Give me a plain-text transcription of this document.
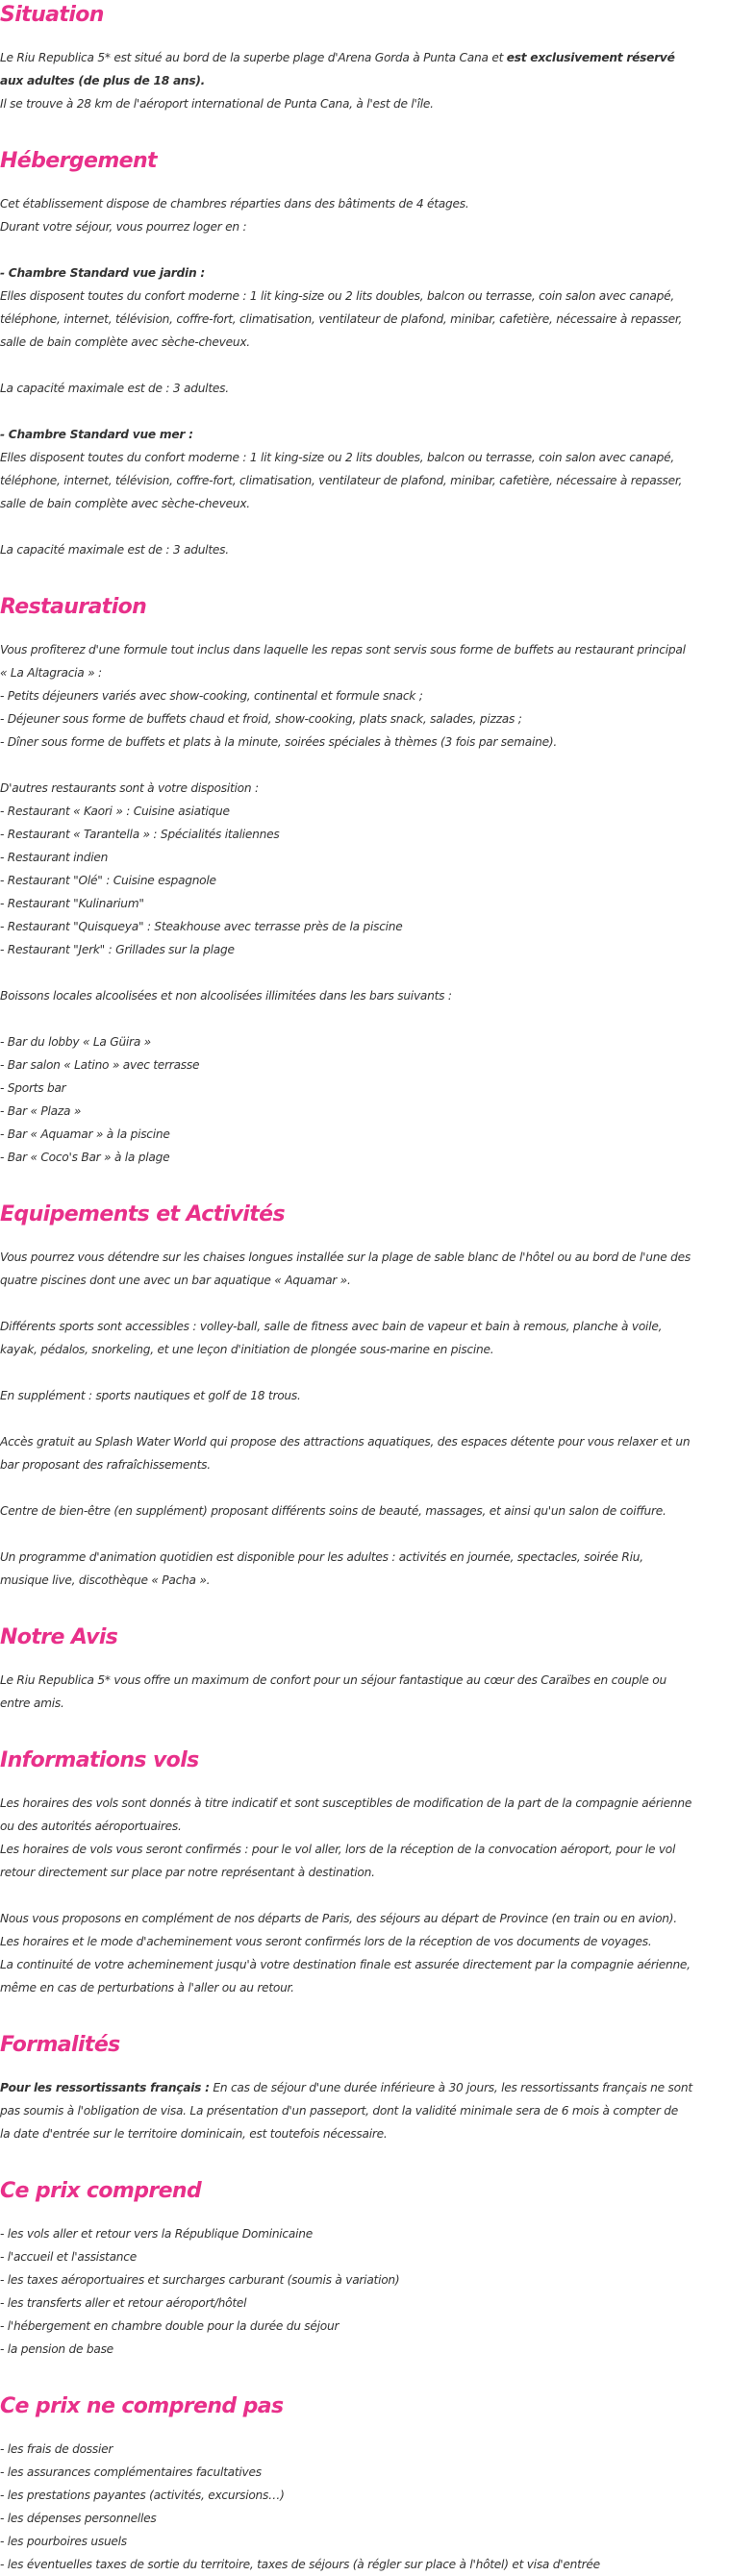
Situation
Le Riu Republica 5* est situé au bord de la superbe plage d'Arena Gorda à Punta Cana et est exclusivement réservé
aux adultes (de plus de 18 ans).
Il se trouve à 28 km de l'aéroport international de Punta Cana, à l'est de l'île.
Hébergement
Cet établissement dispose de chambres réparties dans des bâtiments de 4 étages.
Durant votre séjour, vous pourrez loger en :
- Chambre Standard vue jardin :
Elles disposent toutes du confort moderne : 1 lit king-size ou 2 lits doubles, balcon ou terrasse, coin salon avec canapé,
téléphone, internet, télévision, coffre-fort, climatisation, ventilateur de plafond, minibar, cafetière, nécessaire à repasser,
salle de bain complète avec sèche-cheveux.
La capacité maximale est de : 3 adultes.
- Chambre Standard vue mer :
Elles disposent toutes du confort moderne : 1 lit king-size ou 2 lits doubles, balcon ou terrasse, coin salon avec canapé,
téléphone, internet, télévision, coffre-fort, climatisation, ventilateur de plafond, minibar, cafetière, nécessaire à repasser,
salle de bain complète avec sèche-cheveux.
La capacité maximale est de : 3 adultes.
Restauration
Vous profiterez d'une formule tout inclus dans laquelle les repas sont servis sous forme de buffets au restaurant principal
« La Altagracia » :
- Petits déjeuners variés avec show-cooking, continental et formule snack ;
- Déjeuner sous forme de buffets chaud et froid, show-cooking, plats snack, salades, pizzas ;
- Dîner sous forme de buffets et plats à la minute, soirées spéciales à thèmes (3 fois par semaine).
D'autres restaurants sont à votre disposition :
- Restaurant « Kaori » : Cuisine asiatique
- Restaurant « Tarantella » : Spécialités italiennes
- Restaurant indien
- Restaurant "Olé" : Cuisine espagnole
- Restaurant "Kulinarium"
- Restaurant "Quisqueya" : Steakhouse avec terrasse près de la piscine
- Restaurant "Jerk" : Grillades sur la plage
Boissons locales alcoolisées et non alcoolisées illimitées dans les bars suivants :
- Bar du lobby « La Güira »
- Bar salon « Latino » avec terrasse
- Sports bar
- Bar « Plaza »
- Bar « Aquamar » à la piscine
- Bar « Coco's Bar » à la plage
Equipements et Activités
Vous pourrez vous détendre sur les chaises longues installée sur la plage de sable blanc de l'hôtel ou au bord de l'une des
quatre piscines dont une avec un bar aquatique « Aquamar ».
Différents sports sont accessibles : volley-ball, salle de fitness avec bain de vapeur et bain à remous, planche à voile,
kayak, pédalos, snorkeling, et une leçon d'initiation de plongée sous-marine en piscine.
En supplément : sports nautiques et golf de 18 trous.
Accès gratuit au Splash Water World qui propose des attractions aquatiques, des espaces détente pour vous relaxer et un
bar proposant des rafraîchissements.
Centre de bien-être (en supplément) proposant différents soins de beauté, massages, et ainsi qu'un salon de coiffure.
Un programme d'animation quotidien est disponible pour les adultes : activités en journée, spectacles, soirée Riu,
musique live, discothèque « Pacha ».
Notre Avis
Le Riu Republica 5* vous offre un maximum de confort pour un séjour fantastique au cœur des Caraïbes en couple ou
entre amis.
Informations vols
Les horaires des vols sont donnés à titre indicatif et sont susceptibles de modification de la part de la compagnie aérienne
ou des autorités aéroportuaires.
Les horaires de vols vous seront confirmés : pour le vol aller, lors de la réception de la convocation aéroport, pour le vol
retour directement sur place par notre représentant à destination.
Nous vous proposons en complément de nos départs de Paris, des séjours au départ de Province (en train ou en avion).
Les horaires et le mode d'acheminement vous seront confirmés lors de la réception de vos documents de voyages.
La continuité de votre acheminement jusqu'à votre destination finale est assurée directement par la compagnie aérienne,
même en cas de perturbations à l'aller ou au retour.
Formalités
Pour les ressortissants français : En cas de séjour d'une durée inférieure à 30 jours, les ressortissants français ne sont
pas soumis à l'obligation de visa. La présentation d'un passeport, dont la validité minimale sera de 6 mois à compter de
la date d'entrée sur le territoire dominicain, est toutefois nécessaire.
Ce prix comprend
- les vols aller et retour vers la République Dominicaine
- l'accueil et l'assistance
- les taxes aéroportuaires et surcharges carburant (soumis à variation)
- les transferts aller et retour aéroport/hôtel
- l'hébergement en chambre double pour la durée du séjour
- la pension de base
Ce prix ne comprend pas
- les frais de dossier
- les assurances complémentaires facultatives
- les prestations payantes (activités, excursions…)
- les dépenses personnelles
- les pourboires usuels
- les éventuelles taxes de sortie du territoire, taxes de séjours (à régler sur place à l'hôtel) et visa d'entrée
